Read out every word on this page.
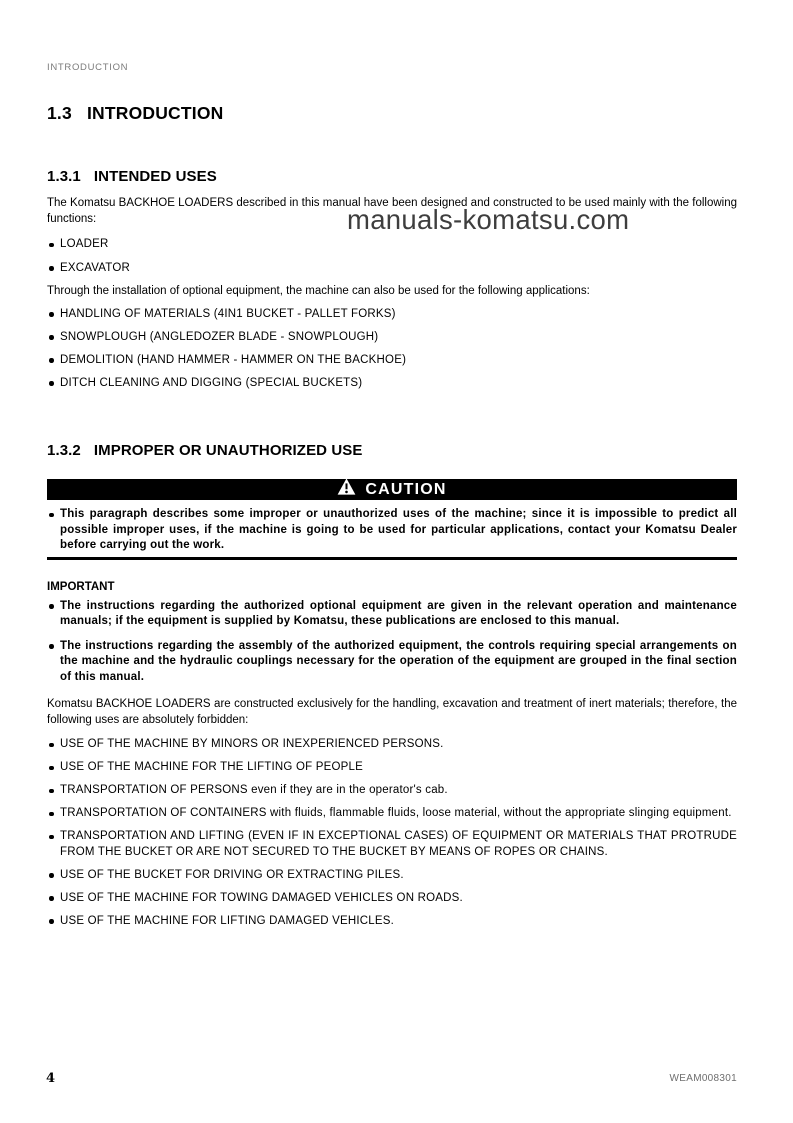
manuals-komatsu.com
INTRODUCTION
1.3 INTRODUCTION
1.3.1 INTENDED USES

The Komatsu BACKHOE LOADERS described in this manual have been designed and constructed to be used mainly with the following functions:

LOADER
EXCAVATOR

Through the installation of optional equipment, the machine can also be used for the following applications:

HANDLING OF MATERIALS (4IN1 BUCKET - PALLET FORKS)
SNOWPLOUGH (ANGLEDOZER BLADE - SNOWPLOUGH)
DEMOLITION (HAND HAMMER - HAMMER ON THE BACKHOE)
DITCH CLEANING AND DIGGING (SPECIAL BUCKETS)
1.3.2 IMPROPER OR UNAUTHORIZED USE
CAUTION
This paragraph describes some improper or unauthorized uses of the machine; since it is impossible to predict all possible improper uses, if the machine is going to be used for particular applications, contact your Komatsu Dealer before carrying out the work.
IMPORTANT
The instructions regarding the authorized optional equipment are given in the relevant operation and maintenance manuals; if the equipment is supplied by Komatsu, these publications are enclosed to this manual.
The instructions regarding the assembly of the authorized equipment, the controls requiring special arrangements on the machine and the hydraulic couplings necessary for the operation of the equipment are grouped in the final section of this manual.

Komatsu BACKHOE LOADERS are constructed exclusively for the handling, excavation and treatment of inert materials; therefore, the following uses are absolutely forbidden:

USE OF THE MACHINE BY MINORS OR INEXPERIENCED PERSONS.
USE OF THE MACHINE FOR THE LIFTING OF PEOPLE
TRANSPORTATION OF PERSONS even if they are in the operator's cab.
TRANSPORTATION OF CONTAINERS with fluids, flammable fluids, loose material, without the appropriate slinging equipment.
TRANSPORTATION AND LIFTING (EVEN IF IN EXCEPTIONAL CASES) OF EQUIPMENT OR MATERIALS THAT PROTRUDE FROM THE BUCKET OR ARE NOT SECURED TO THE BUCKET BY MEANS OF ROPES OR CHAINS.
USE OF THE BUCKET FOR DRIVING OR EXTRACTING PILES.
USE OF THE MACHINE FOR TOWING DAMAGED VEHICLES ON ROADS.
USE OF THE MACHINE FOR LIFTING DAMAGED VEHICLES.
4	WEAM008301
